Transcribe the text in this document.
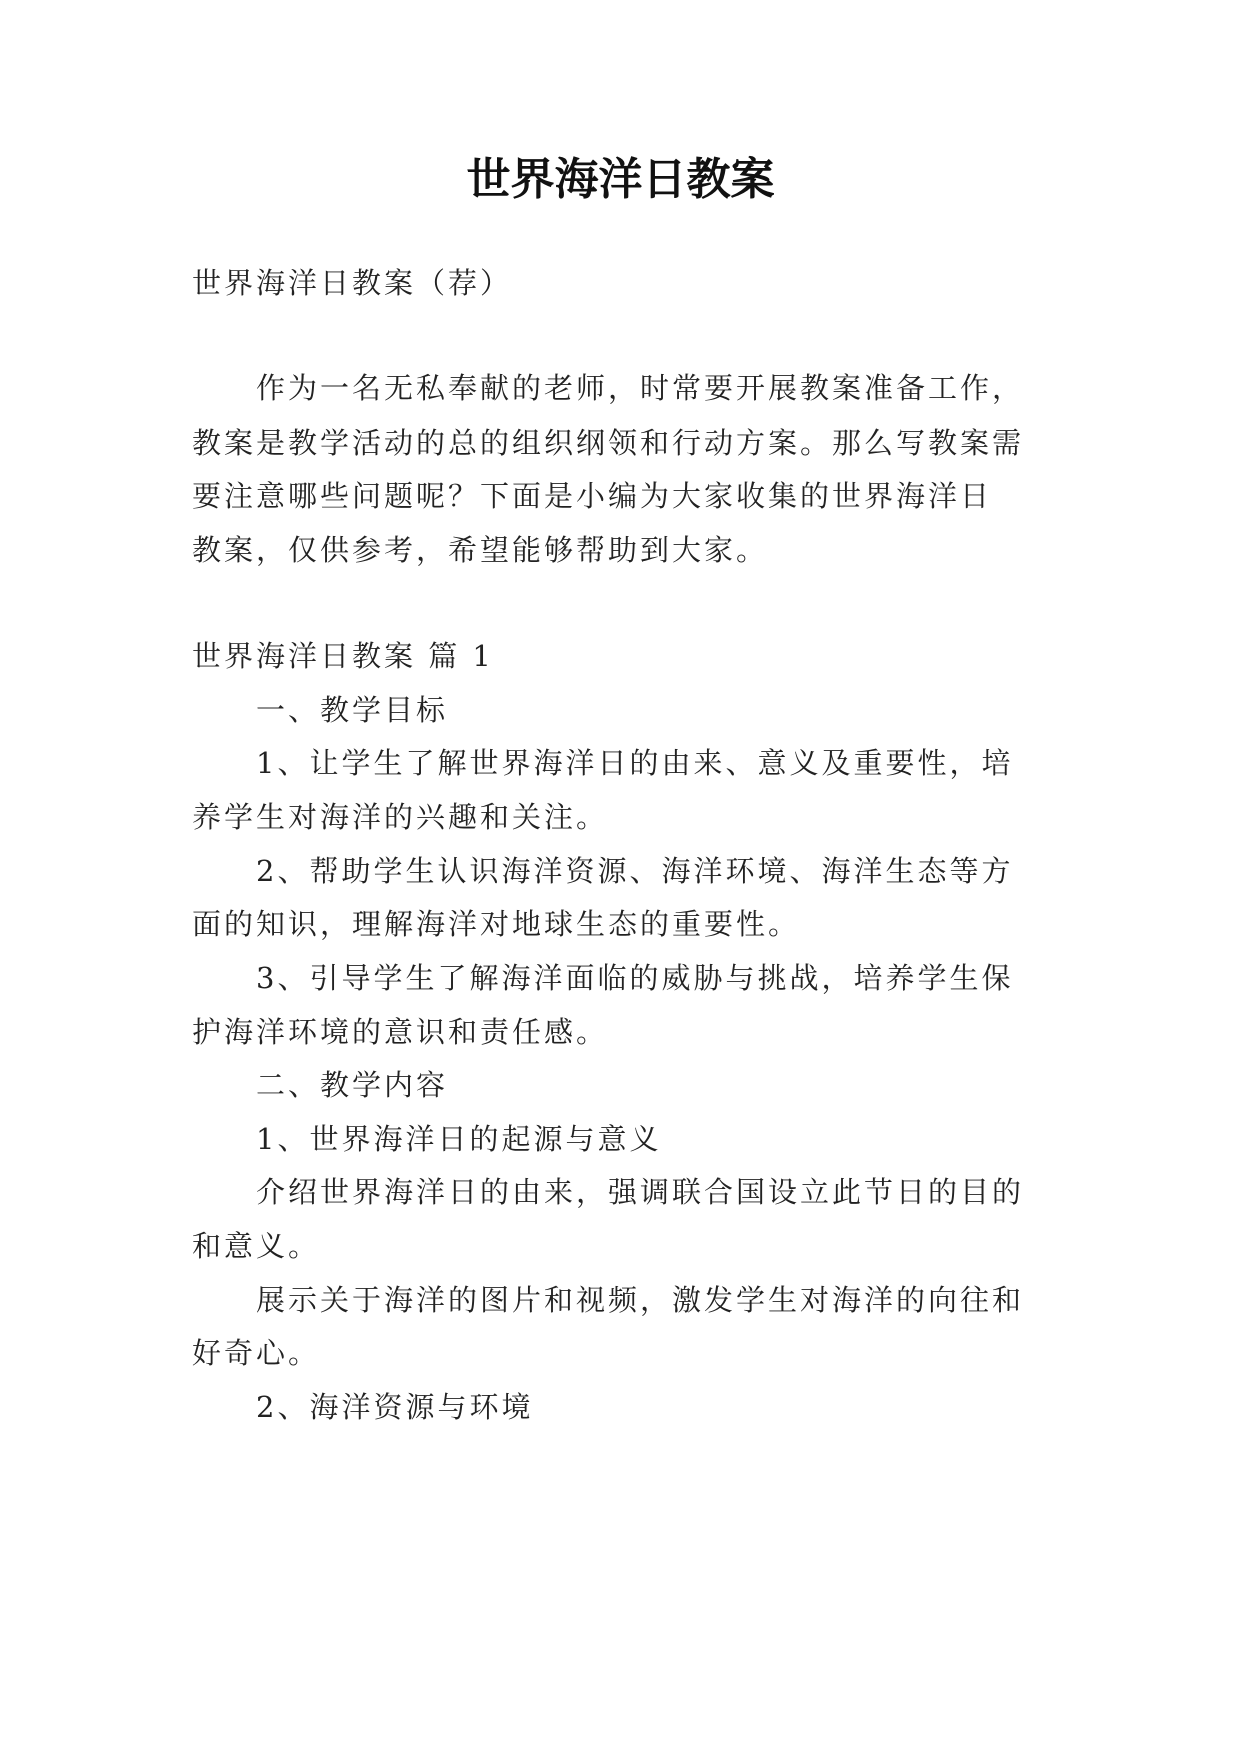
世界海洋日教案
世界海洋日教案（荐）
作为一名无私奉献的老师，时常要开展教案准备工作，
教案是教学活动的总的组织纲领和行动方案。那么写教案需
要注意哪些问题呢？下面是小编为大家收集的世界海洋日
教案，仅供参考，希望能够帮助到大家。
世界海洋日教案 篇 1
一、教学目标
1、让学生了解世界海洋日的由来、意义及重要性，培
养学生对海洋的兴趣和关注。
2、帮助学生认识海洋资源、海洋环境、海洋生态等方
面的知识，理解海洋对地球生态的重要性。
3、引导学生了解海洋面临的威胁与挑战，培养学生保
护海洋环境的意识和责任感。
二、教学内容
1、世界海洋日的起源与意义
介绍世界海洋日的由来，强调联合国设立此节日的目的
和意义。
展示关于海洋的图片和视频，激发学生对海洋的向往和
好奇心。
2、海洋资源与环境
